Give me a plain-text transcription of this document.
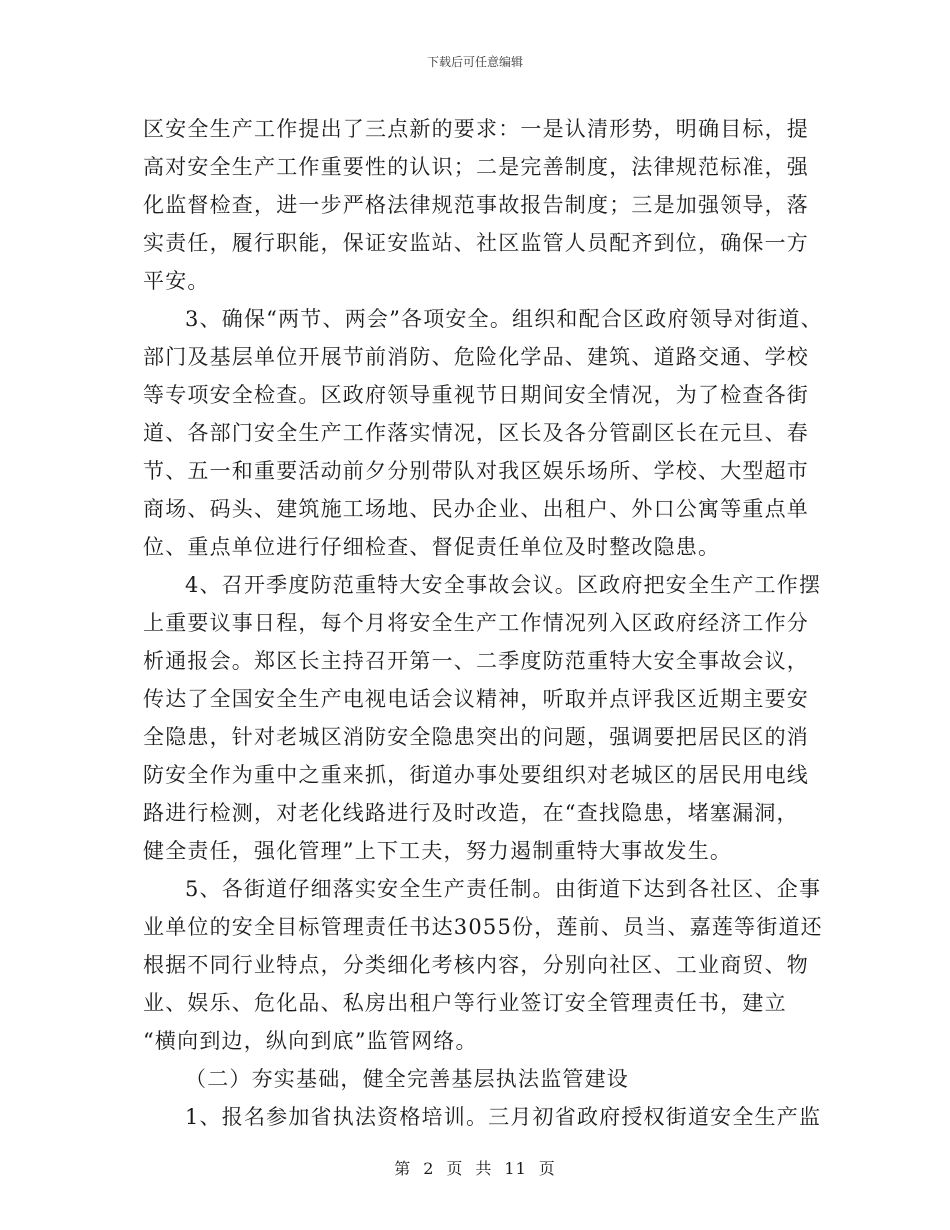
下载后可任意编辑
区安全生产工作提出了三点新的要求：一是认清形势，明确目标，提
高对安全生产工作重要性的认识；二是完善制度，法律规范标准，强
化监督检查，进一步严格法律规范事故报告制度；三是加强领导，落
实责任，履行职能，保证安监站、社区监管人员配齐到位，确保一方
平安。
3、确保“两节、两会”各项安全。组织和配合区政府领导对街道、
部门及基层单位开展节前消防、危险化学品、建筑、道路交通、学校
等专项安全检查。区政府领导重视节日期间安全情况，为了检查各街
道、各部门安全生产工作落实情况，区长及各分管副区长在元旦、春
节、五一和重要活动前夕分别带队对我区娱乐场所、学校、大型超市
商场、码头、建筑施工场地、民办企业、出租户、外口公寓等重点单
位、重点单位进行仔细检查、督促责任单位及时整改隐患。
4、召开季度防范重特大安全事故会议。区政府把安全生产工作摆
上重要议事日程，每个月将安全生产工作情况列入区政府经济工作分
析通报会。郑区长主持召开第一、二季度防范重特大安全事故会议，
传达了全国安全生产电视电话会议精神，听取并点评我区近期主要安
全隐患，针对老城区消防安全隐患突出的问题，强调要把居民区的消
防安全作为重中之重来抓，街道办事处要组织对老城区的居民用电线
路进行检测，对老化线路进行及时改造，在“查找隐患，堵塞漏洞，
健全责任，强化管理”上下工夫，努力遏制重特大事故发生。
5、各街道仔细落实安全生产责任制。由街道下达到各社区、企事
业单位的安全目标管理责任书达3055份，莲前、员当、嘉莲等街道还
根据不同行业特点，分类细化考核内容，分别向社区、工业商贸、物
业、娱乐、危化品、私房出租户等行业签订安全管理责任书，建立
“横向到边，纵向到底”监管网络。
（二）夯实基础，健全完善基层执法监管建设
1、报名参加省执法资格培训。三月初省政府授权街道安全生产监
第 2 页 共 11 页
